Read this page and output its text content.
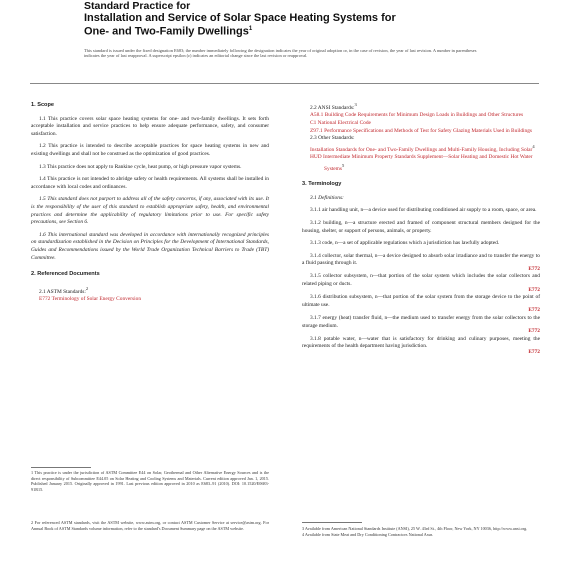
Standard Practice for
Installation and Service of Solar Space Heating Systems for
One- and Two-Family Dwellings$^1$
This standard is issued under the fixed designation E683; the number immediately following the designation indicates the year of original adoption or, in the case of revision, the year of last revision. A number in parentheses indicates the year of last reapproval. A superscript epsilon (ε) indicates an editorial change since the last revision or reapproval.
1. Scope

1.1 This practice covers solar space heating systems for one- and two-family dwellings. It sets forth acceptable installation and service practices to help ensure adequate performance, safety, and consumer satisfaction.

1.2 This practice is intended to describe acceptable practices for space heating systems in new and existing dwellings and shall not be construed as the optimization of good practices.

1.3 This practice does not apply to Rankine cycle, heat pump, or high pressure vapor systems.

1.4 This practice is not intended to abridge safety or health requirements. All systems shall be installed in accordance with local codes and ordinances.

1.5 This standard does not purport to address all of the safety concerns, if any, associated with its use. It is the responsibility of the user of this standard to establish appropriate safety, health, and environmental practices and determine the applicability of regulatory limitations prior to use. For specific safety precautions, see Section 6.

1.6 This international standard was developed in accordance with internationally recognized principles on standardization established in the Decision on Principles for the Development of International Standards, Guides and Recommendations issued by the World Trade Organization Technical Barriers to Trade (TBT) Committee.

2. Referenced Documents
2.1 ASTM Standards:$^2$
E772 Terminology of Solar Energy Conversion
2.2 ANSI Standards:$^3$
A58.1 Building Code Requirements for Minimum Design Loads in Buildings and Other Structures
C1 National Electrical Code
Z97.1 Performance Specifications and Methods of Test for Safety Glazing Materials Used in Buildings
2.3 Other Standards:
Installation Standards for One- and Two-Family Dwellings and Multi-Family Housing, Including Solar$^4$
HUD Intermediate Minimum Property Standards Supplement—Solar Heating and Domestic Hot Water Systems$^5$
3. Terminology

3.1 Definitions:

3.1.1 air handling unit, n—a device used for distributing conditioned air supply to a room, space, or area.

3.1.2 building, n—a structure erected and framed of component structural members designed for the housing, shelter, or support of persons, animals, or property.

3.1.3 code, n—a set of applicable regulations which a jurisdiction has lawfully adopted.

3.1.4 collector, solar thermal, n—a device designed to absorb solar irradiance and to transfer the energy to a fluid passing through it.

E772

3.1.5 collector subsystem, n—that portion of the solar system which includes the solar collectors and related piping or ducts.

E772

3.1.6 distribution subsystem, n—that portion of the solar system from the storage device to the point of ultimate use.

E772

3.1.7 energy (heat) transfer fluid, n—the medium used to transfer energy from the solar collectors to the storage medium.

E772

3.1.8 potable water, n—water that is satisfactory for drinking and culinary purposes, meeting the requirements of the health department having jurisdiction.

E772
1 This practice is under the jurisdiction of ASTM Committee E44 on Solar, Geothermal and Other Alternative Energy Sources and is the direct responsibility of Subcommittee E44.05 on Solar Heating and Cooling Systems and Materials. Current edition approved Jan. 1, 2015. Published January 2015. Originally approved in 1991. Last previous edition approved in 2010 as E683–91 (2010). DOI: 10.1520/E0683-91R15.
2 For referenced ASTM standards, visit the ASTM website, www.astm.org, or contact ASTM Customer Service at service@astm.org. For Annual Book of ASTM Standards volume information, refer to the standard's Document Summary page on the ASTM website.	3 Available from American National Standards Institute (ANSI), 25 W. 43rd St., 4th Floor, New York, NY 10036, http://www.ansi.org.
4 Available from State Meat and Dry Conditioning Contractors National Assn.
